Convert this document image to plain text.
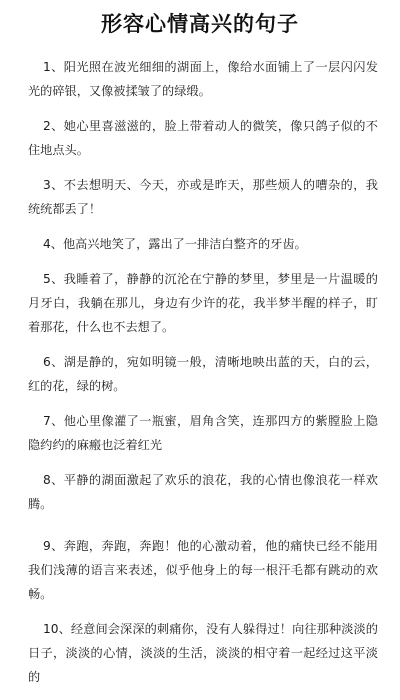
形容心情高兴的句子

1、阳光照在波光细细的湖面上，像给水面铺上了一层闪闪发光的碎银，又像被揉皱了的绿缎。

2、她心里喜滋滋的，脸上带着动人的微笑，像只鸽子似的不住地点头。

3、不去想明天、今天，亦或是昨天，那些烦人的嘈杂的，我统统都丢了！

4、他高兴地笑了，露出了一排洁白整齐的牙齿。

5、我睡着了，静静的沉沦在宁静的梦里，梦里是一片温暖的月牙白，我躺在那儿，身边有少许的花，我半梦半醒的样子，盯着那花，什么也不去想了。

6、湖是静的，宛如明镜一般，清晰地映出蓝的天，白的云，红的花，绿的树。

7、他心里像灌了一瓶蜜，眉角含笑，连那四方的紫膛脸上隐隐约约的麻瘢也泛着红光

8、平静的湖面激起了欢乐的浪花，我的心情也像浪花一样欢腾。

9、奔跑，奔跑，奔跑！他的心激动着，他的痛快已经不能用我们浅薄的语言来表述，似乎他身上的每一根汗毛都有跳动的欢畅。

10、经意间会深深的刺痛你，没有人躲得过！向往那种淡淡的日子，淡淡的心情，淡淡的生活，淡淡的相守着一起经过这平淡的
